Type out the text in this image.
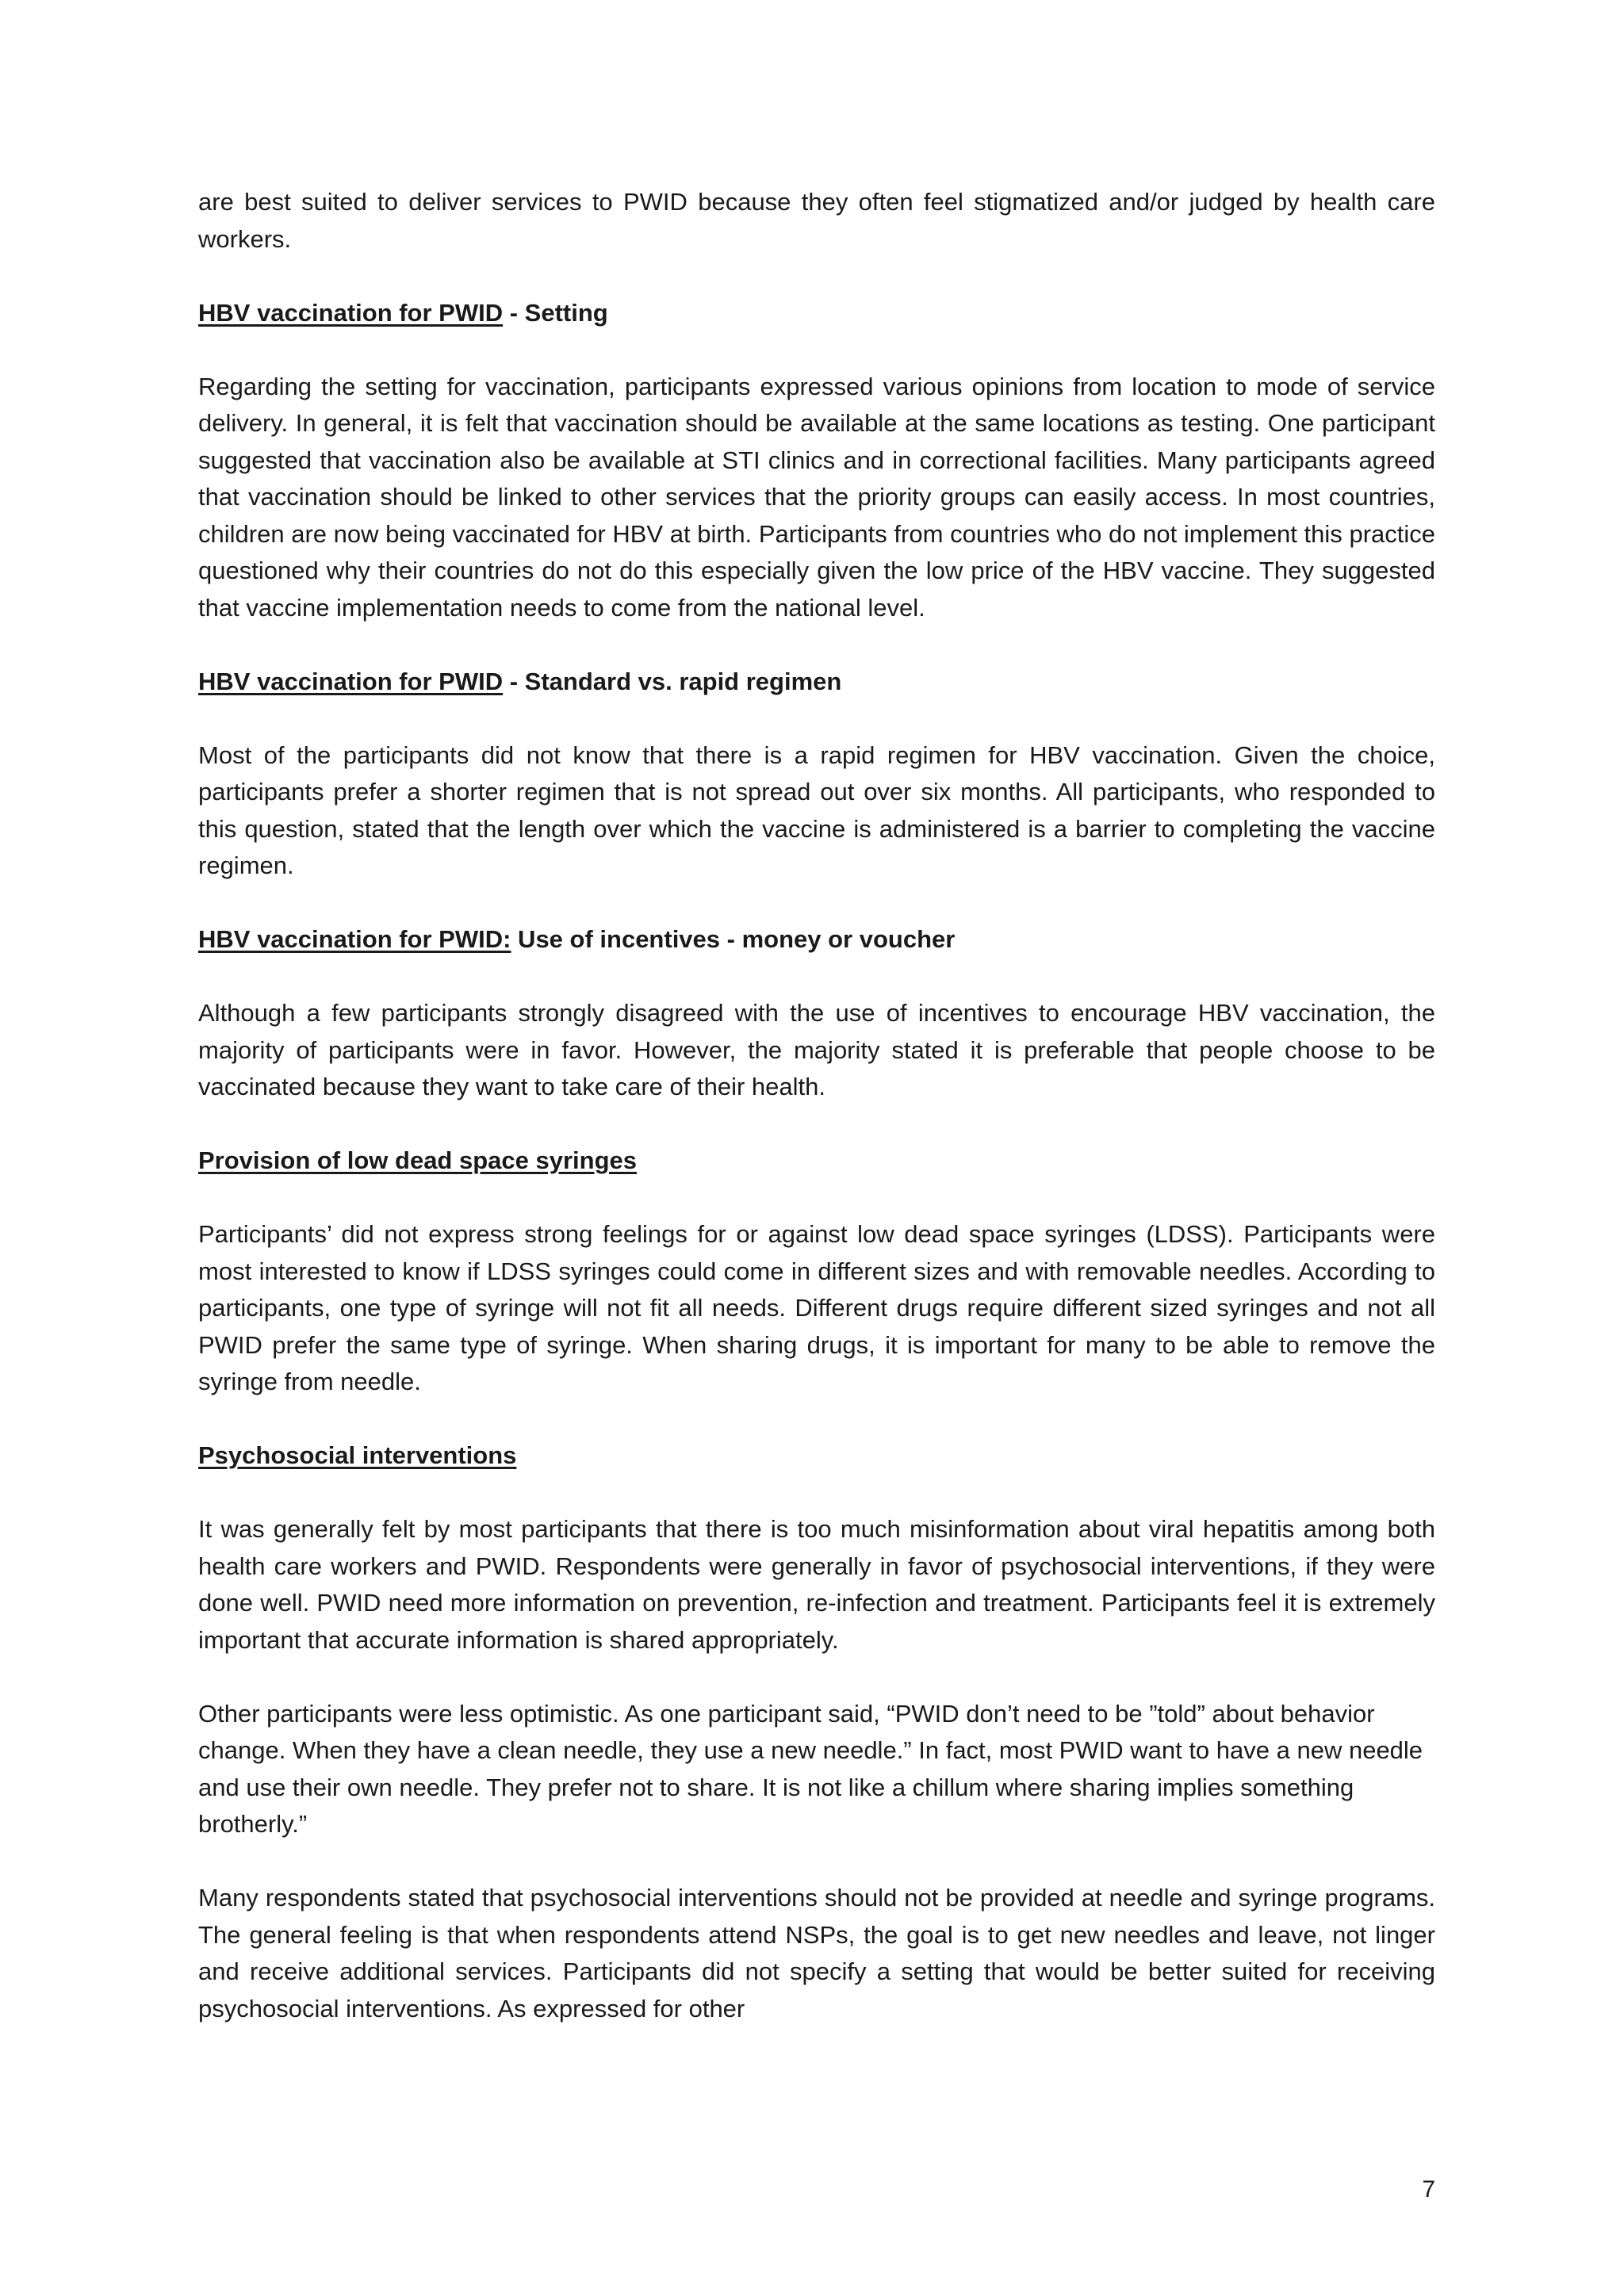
are best suited to deliver services to PWID because they often feel stigmatized and/or judged by health care workers.

HBV vaccination for PWID - Setting

Regarding the setting for vaccination, participants expressed various opinions from location to mode of service delivery. In general, it is felt that vaccination should be available at the same locations as testing. One participant suggested that vaccination also be available at STI clinics and in correctional facilities. Many participants agreed that vaccination should be linked to other services that the priority groups can easily access. In most countries, children are now being vaccinated for HBV at birth. Participants from countries who do not implement this practice questioned why their countries do not do this especially given the low price of the HBV vaccine. They suggested that vaccine implementation needs to come from the national level.

HBV vaccination for PWID - Standard vs. rapid regimen

Most of the participants did not know that there is a rapid regimen for HBV vaccination. Given the choice, participants prefer a shorter regimen that is not spread out over six months. All participants, who responded to this question, stated that the length over which the vaccine is administered is a barrier to completing the vaccine regimen.

HBV vaccination for PWID: Use of incentives - money or voucher

Although a few participants strongly disagreed with the use of incentives to encourage HBV vaccination, the majority of participants were in favor. However, the majority stated it is preferable that people choose to be vaccinated because they want to take care of their health.

Provision of low dead space syringes

Participants’ did not express strong feelings for or against low dead space syringes (LDSS). Participants were most interested to know if LDSS syringes could come in different sizes and with removable needles. According to participants, one type of syringe will not fit all needs. Different drugs require different sized syringes and not all PWID prefer the same type of syringe. When sharing drugs, it is important for many to be able to remove the syringe from needle.

Psychosocial interventions

It was generally felt by most participants that there is too much misinformation about viral hepatitis among both health care workers and PWID. Respondents were generally in favor of psychosocial interventions, if they were done well. PWID need more information on prevention, re-infection and treatment. Participants feel it is extremely important that accurate information is shared appropriately.

Other participants were less optimistic. As one participant said, “PWID don’t need to be ”told” about behavior change. When they have a clean needle, they use a new needle.” In fact, most PWID want to have a new needle and use their own needle. They prefer not to share. It is not like a chillum where sharing implies something brotherly.”

Many respondents stated that psychosocial interventions should not be provided at needle and syringe programs. The general feeling is that when respondents attend NSPs, the goal is to get new needles and leave, not linger and receive additional services. Participants did not specify a setting that would be better suited for receiving psychosocial interventions. As expressed for other

7
